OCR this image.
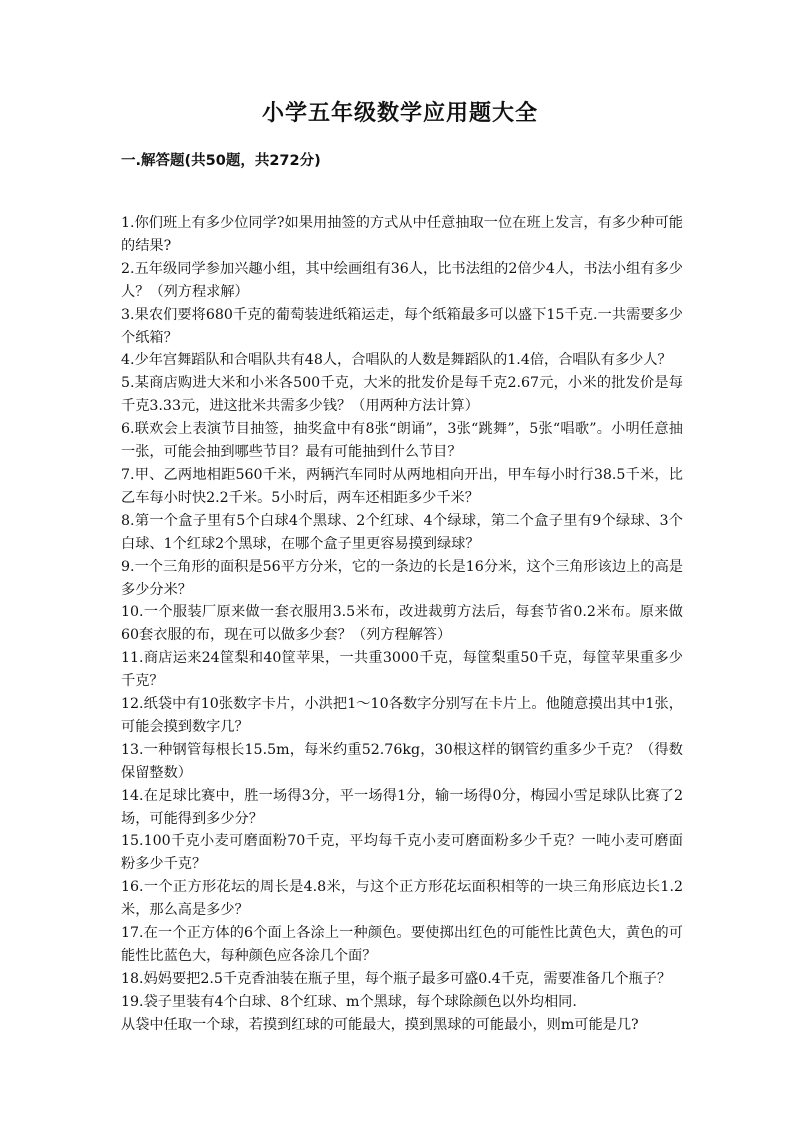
小学五年级数学应用题大全
一.解答题(共50题，共272分)

1.你们班上有多少位同学?如果用抽签的方式从中任意抽取一位在班上发言，有多少种可能的结果?

2.五年级同学参加兴趣小组，其中绘画组有36人，比书法组的2倍少4人，书法小组有多少人？（列方程求解）

3.果农们要将680千克的葡萄装进纸箱运走，每个纸箱最多可以盛下15千克.一共需要多少个纸箱？

4.少年宫舞蹈队和合唱队共有48人，合唱队的人数是舞蹈队的1.4倍，合唱队有多少人？

5.某商店购进大米和小米各500千克，大米的批发价是每千克2.67元，小米的批发价是每千克3.33元，进这批米共需多少钱？（用两种方法计算）

6.联欢会上表演节目抽签，抽奖盒中有8张“朗诵”，3张“跳舞”，5张“唱歌”。小明任意抽一张，可能会抽到哪些节目？最有可能抽到什么节目？

7.甲、乙两地相距560千米，两辆汽车同时从两地相向开出，甲车每小时行38.5千米，比乙车每小时快2.2千米。5小时后，两车还相距多少千米？

8.第一个盒子里有5个白球4个黑球、2个红球、4个绿球，第二个盒子里有9个绿球、3个白球、1个红球2个黑球，在哪个盒子里更容易摸到绿球？

9.一个三角形的面积是56平方分米，它的一条边的长是16分米，这个三角形该边上的高是多少分米？

10.一个服装厂原来做一套衣服用3.5米布，改进裁剪方法后，每套节省0.2米布。原来做60套衣服的布，现在可以做多少套？（列方程解答）

11.商店运来24筐梨和40筐苹果，一共重3000千克，每筐梨重50千克，每筐苹果重多少千克？

12.纸袋中有10张数字卡片，小洪把1～10各数字分别写在卡片上。他随意摸出其中1张，可能会摸到数字几？

13.一种钢管每根长15.5m，每米约重52.76kg，30根这样的钢管约重多少千克？（得数保留整数）

14.在足球比赛中，胜一场得3分，平一场得1分，输一场得0分，梅园小雪足球队比赛了2场，可能得到多少分？

15.100千克小麦可磨面粉70千克，平均每千克小麦可磨面粉多少千克？一吨小麦可磨面粉多少千克？

16.一个正方形花坛的周长是4.8米，与这个正方形花坛面积相等的一块三角形底边长1.2米，那么高是多少？

17.在一个正方体的6个面上各涂上一种颜色。要使掷出红色的可能性比黄色大，黄色的可能性比蓝色大，每种颜色应各涂几个面？

18.妈妈要把2.5千克香油装在瓶子里，每个瓶子最多可盛0.4千克，需要准备几个瓶子？

19.袋子里装有4个白球、8个红球、m个黑球，每个球除颜色以外均相同.

从袋中任取一个球，若摸到红球的可能最大，摸到黑球的可能最小，则m可能是几?
